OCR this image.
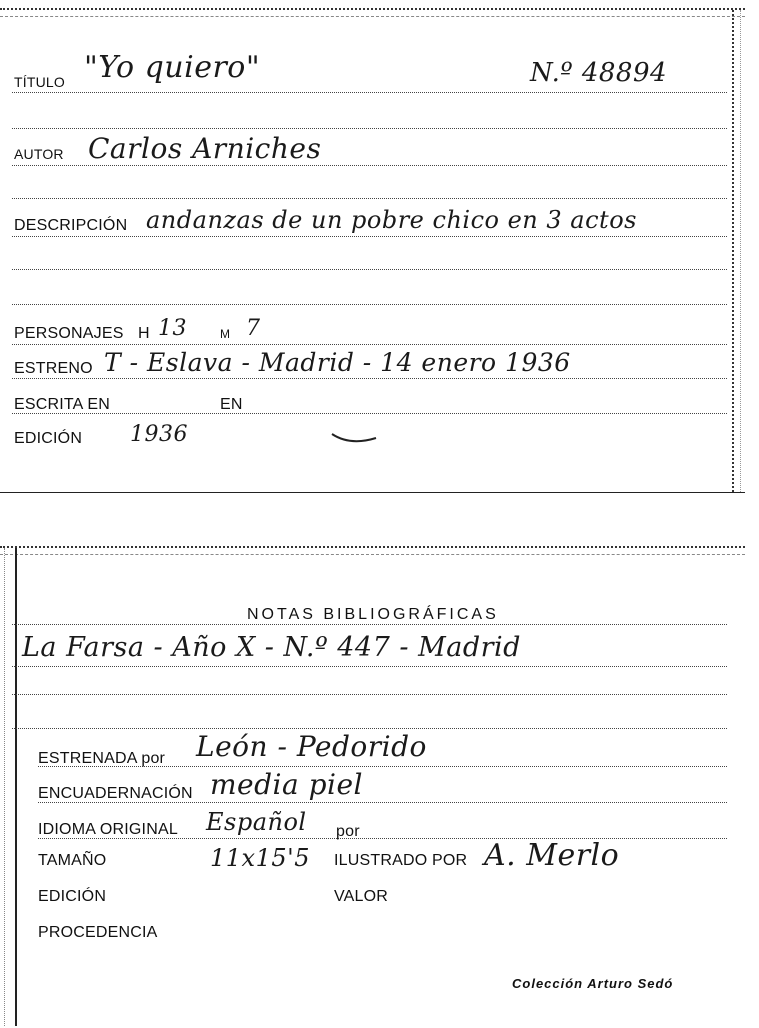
TÍTULO "Yo quiero"	N.º 48894
AUTOR Carlos Arniches
DESCRIPCIÓN andanzas de un pobre chico en 3 actos
PERSONAJES H 13	M 7
ESTRENO T - Eslava - Madrid - 14 enero 1936
ESCRITA EN	EN
EDICIÓN 1936
NOTAS BIBLIOGRÁFICAS
La Farsa - Año X - N.º 447 - Madrid
ESTRENADA por León - Pedorido
ENCUADERNACIÓN media piel
IDIOMA ORIGINAL Español por
TAMAÑO	11x15'5 ILUSTRADO POR A. Merlo
EDICIÓN	VALOR
PROCEDENCIA
Colección Arturo Sedó
